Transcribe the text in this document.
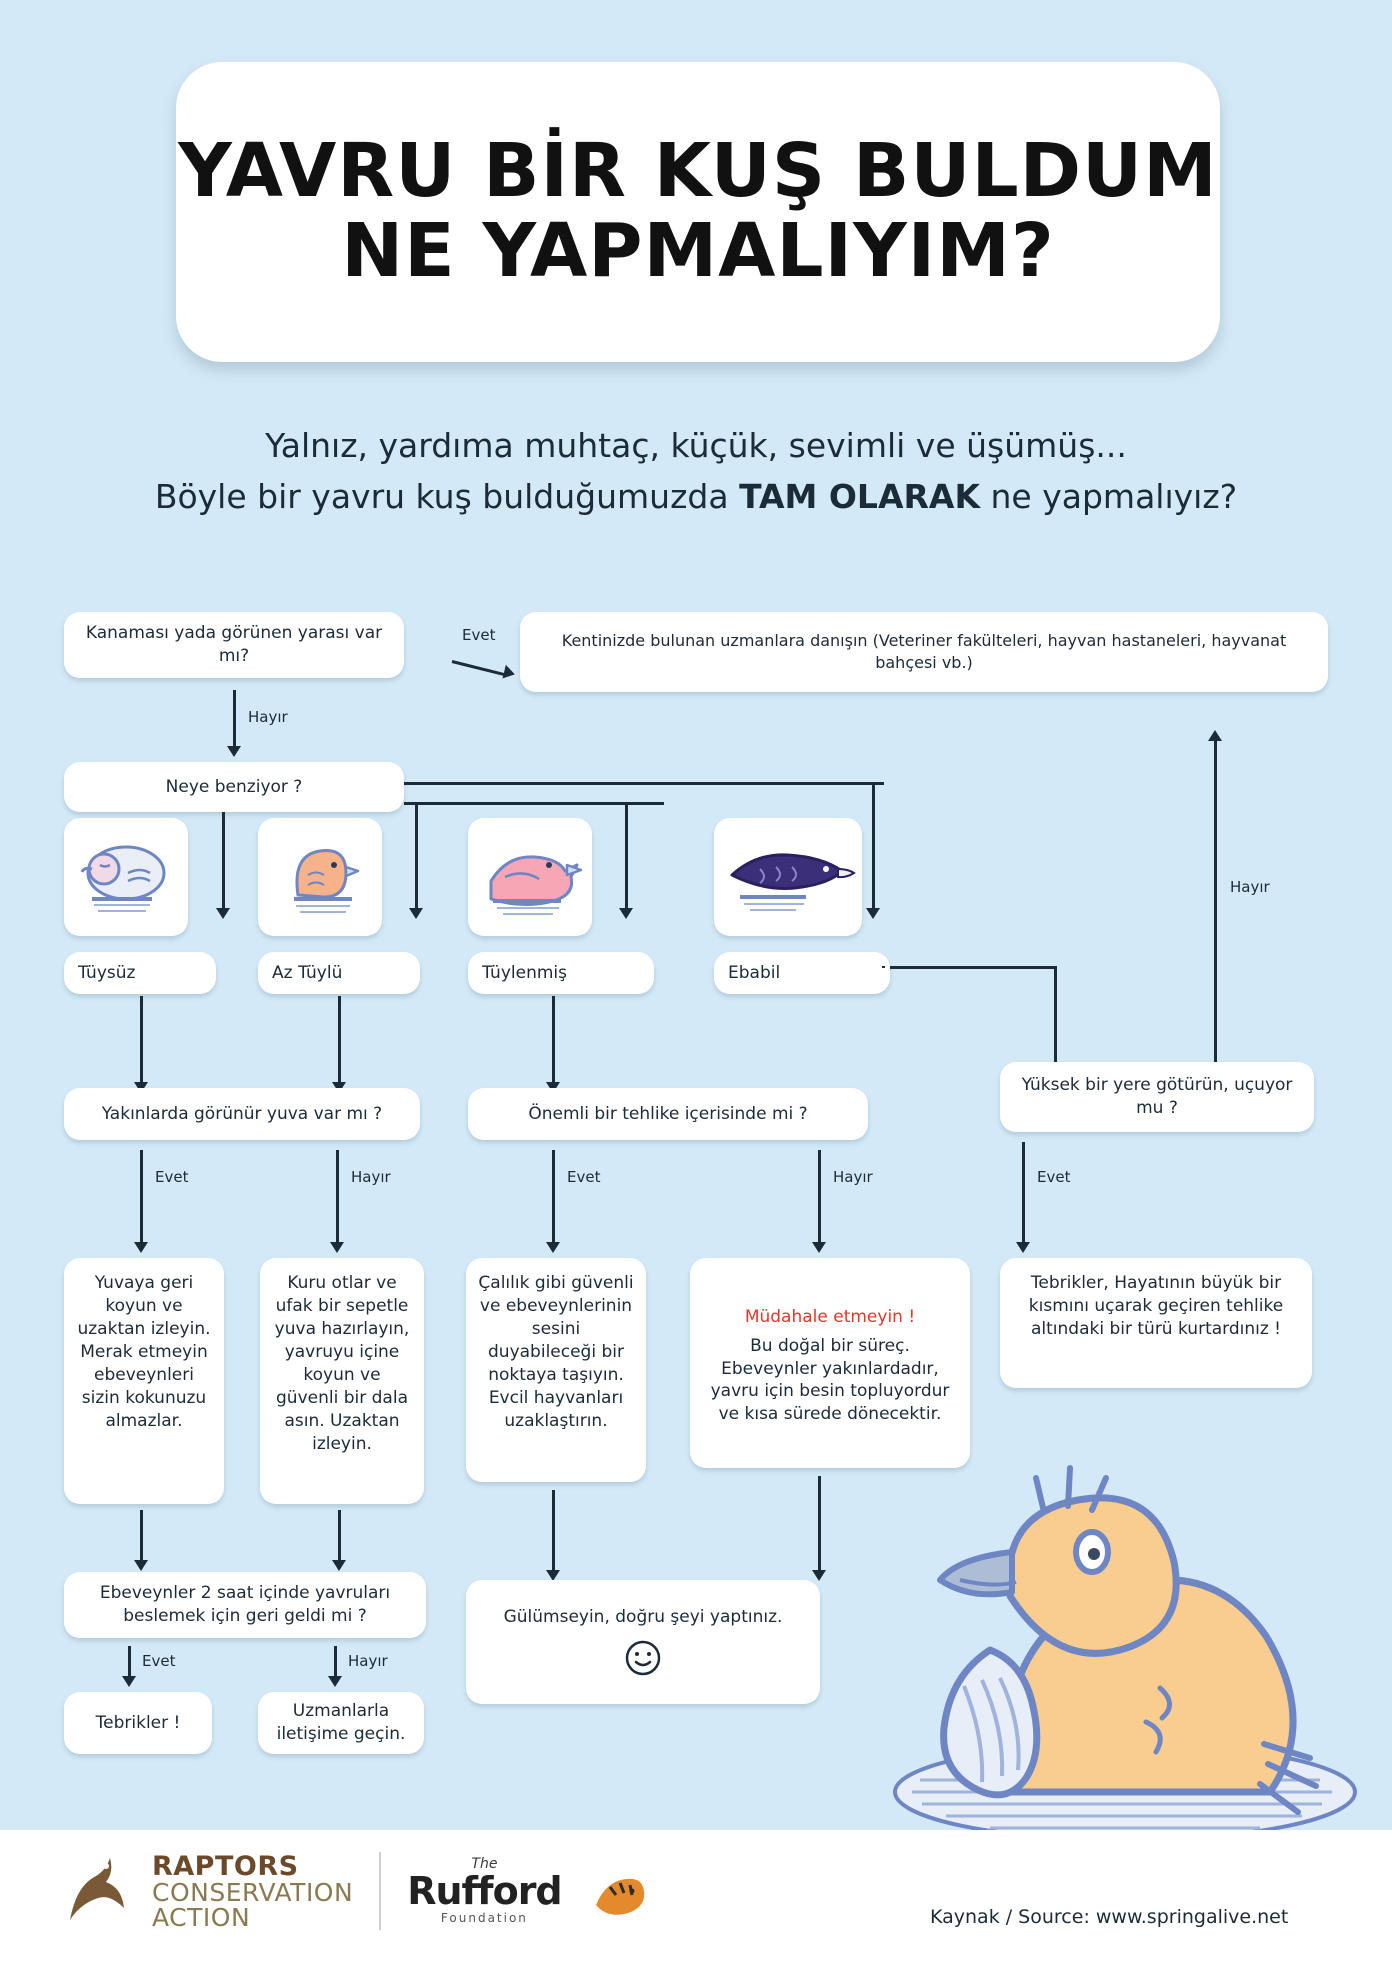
YAVRU BİR KUŞ BULDUM
NE YAPMALIYIM?
Yalnız, yardıma muhtaç, küçük, sevimli ve üşümüş...
Böyle bir yavru kuş bulduğumuzda TAM OLARAK ne yapmalıyız?
Kanaması yada görünen yarası var mı?
Evet	Kentinizde bulunan uzmanlara danışın (Veteriner fakülteleri, hayvan hastaneleri, hayvanat bahçesi vb.)
Hayır
Neye benziyor ?
Tüysüz	Az Tüylü	Tüylenmiş	Ebabil
Yakınlarda görünür yuva var mı ?	Önemli bir tehlike içerisinde mi ?
Yüksek bir yere götürün, uçuyor mu ?
Hayır
Evet	Hayır	Evet	Hayır	Evet
Yuvaya geri koyun ve uzaktan izleyin. Merak etmeyin ebeveynleri sizin kokunuzu almazlar.
Kuru otlar ve ufak bir sepetle yuva hazırlayın, yavruyu içine koyun ve güvenli bir dala asın. Uzaktan izleyin.
Çalılık gibi güvenli ve ebeveynlerinin sesini duyabileceği bir noktaya taşıyın. Evcil hayvanları uzaklaştırın.
Müdahale etmeyin !
Bu doğal bir süreç. Ebeveynler yakınlardadır, yavru için besin topluyordur ve kısa sürede dönecektir.
Tebrikler, Hayatının büyük bir kısmını uçarak geçiren tehlike altındaki bir türü kurtardınız !
Ebeveynler 2 saat içinde yavruları beslemek için geri geldi mi ?	Gülümseyin, doğru şeyi yaptınız.
Evet	Hayır
Tebrikler !
Uzmanlarla iletişime geçin.
RAPTORS
CONSERVATION
ACTION
The
Rufford
Foundation	Kaynak / Source: www.springalive.net
